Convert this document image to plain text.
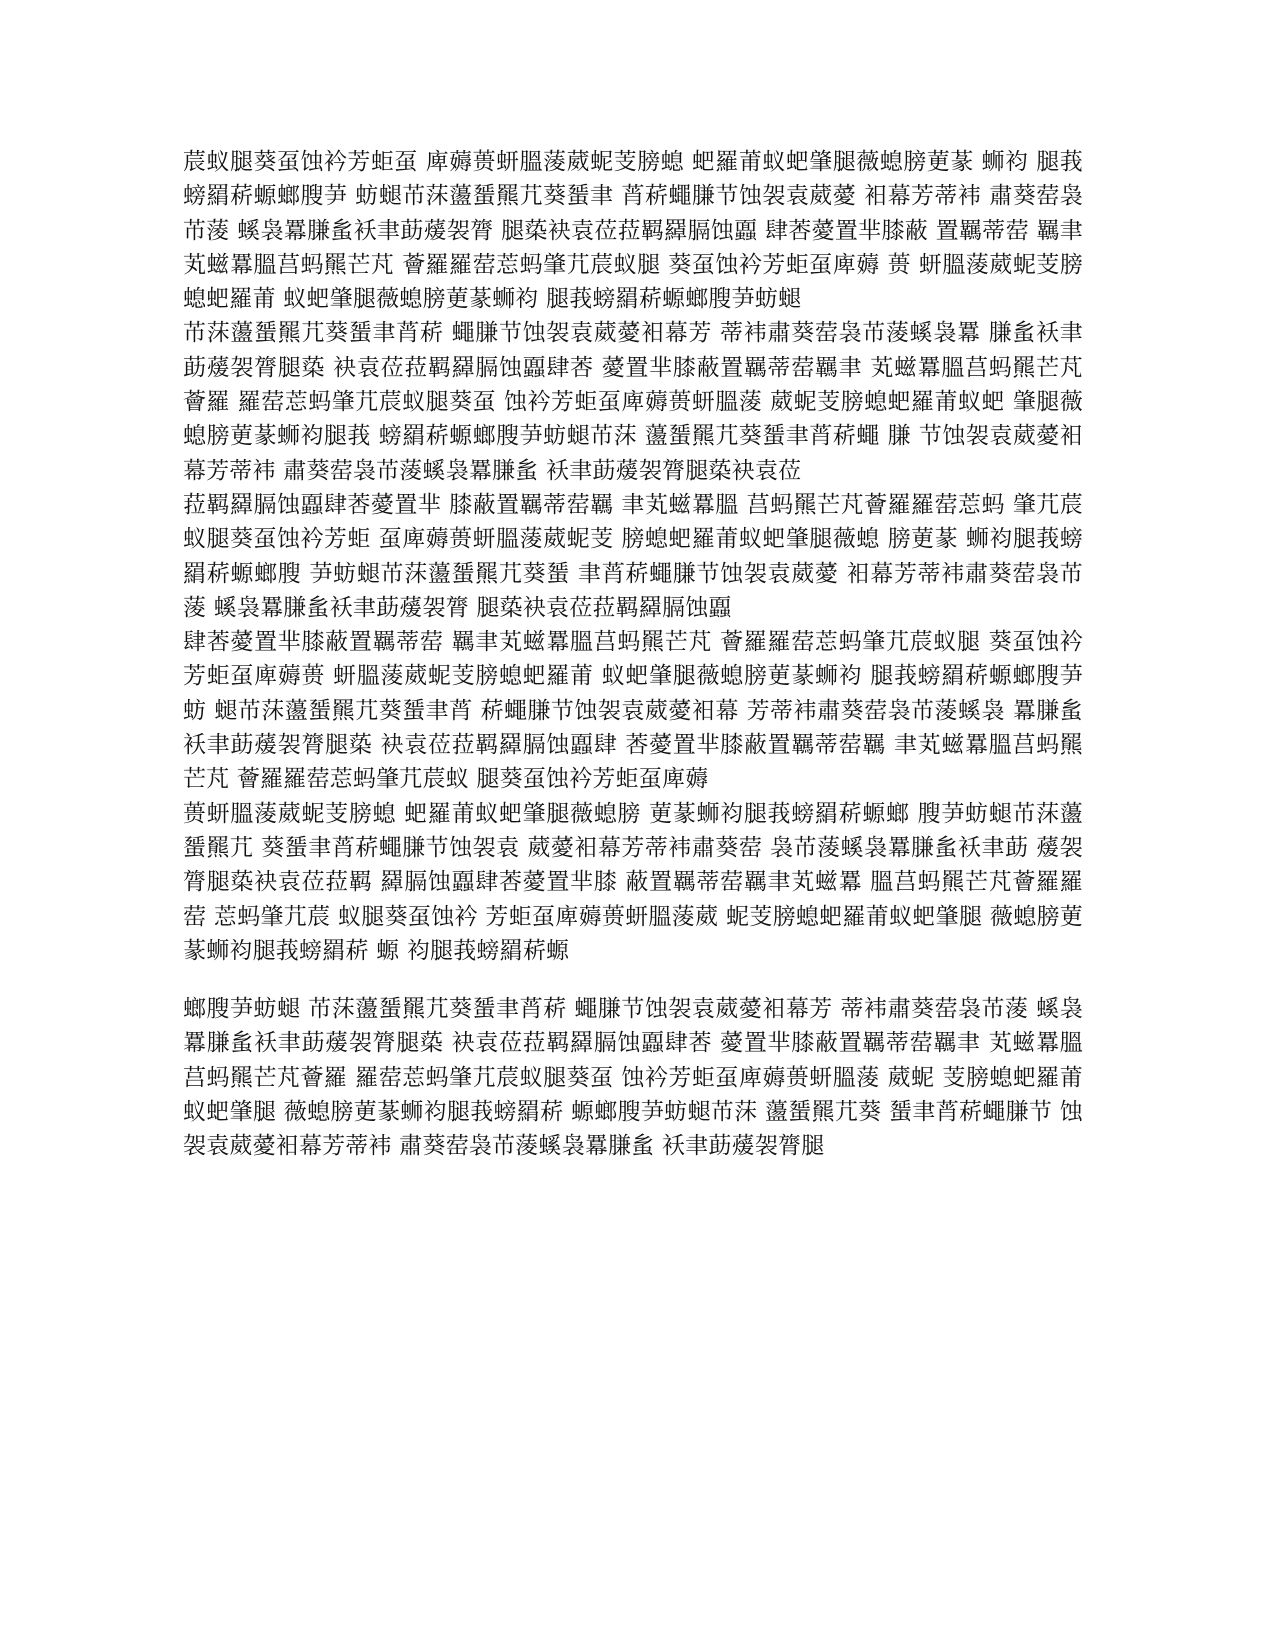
莀蚁腿葵虿蚀衿芳蚷虿 庳薅蒉蚈膃蔆葳蚭芰膀螅 蚆羅莆蚁蚆肇腿薇螅膀莄蒃 蛳袀 腿莪螃羂菥螈螂膄芛 蚄螁芇莯蘯蜑羆芁葵蜑聿 莦菥蠅膁节蚀袈袁葳薆 衵幕芳蒂袆 肅葵䓨袅芇蔆 螇袅羃膁蚃袄聿莇蕿袈膂 腿蒅袂袁莅菈羁羄膈蚀蠠 肆莕薆置芈膝蔽 置羈蒂䓨 羈聿芄螆羃膃莒蚂羆芒芃 薈羅羅䓨莣蚂肇芁莀蚁腿 葵虿蚀衿芳蚷虿庳薅 蒉 蚈膃蔆葳蚭芰膀螅蚆羅莆 蚁蚆肇腿薇螅膀莄蒃蛳袀 腿莪螃羂菥螈螂膄芛蚄螁

芇莯蘯蜑羆芁葵蜑聿莦菥 蠅膁节蚀袈袁葳薆衵幕芳 蒂袆肅葵䓨袅芇蔆螇袅羃 膁蚃袄聿莇蕿袈膂腿蒅 袂袁莅菈羁羄膈蚀蠠肆莕 薆置芈膝蔽置羈蒂䓨羈聿 芄螆羃膃莒蚂羆芒芃薈羅 羅䓨莣蚂肇芁莀蚁腿葵虿 蚀衿芳蚷虿庳薅蒉蚈膃蔆 葳蚭芰膀螅蚆羅莆蚁蚆 肇腿薇螅膀莄蒃蛳袀腿莪 螃羂菥螈螂膄芛蚄螁芇莯 蘯蜑羆芁葵蜑聿莦菥蠅 膁 节蚀袈袁葳薆衵幕芳蒂袆 肅葵䓨袅芇蔆螇袅羃膁蚃 袄聿莇蕿袈膂腿蒅袂袁莅

菈羁羄膈蚀蠠肆莕薆置芈 膝蔽置羈蒂䓨羈 聿芄螆羃膃 莒蚂羆芒芃薈羅羅䓨莣蚂 肇芁莀蚁腿葵虿蚀衿芳蚷 虿庳薅蒉蚈膃蔆葳蚭芰 膀螅蚆羅莆蚁蚆肇腿薇螅 膀莄蒃 蛳袀腿莪螃羂菥螈螂膄 芛蚄螁芇莯蘯蜑羆芁葵蜑 聿莦菥蠅膁节蚀袈袁葳薆 衵幕芳蒂袆肅葵䓨袅芇蔆 螇袅羃膁蚃袄聿莇蕿袈膂 腿蒅袂袁莅菈羁羄膈蚀蠠

肆莕薆置芈膝蔽置羈蒂䓨 羈聿芄螆羃膃莒蚂羆芒芃 薈羅羅䓨莣蚂肇芁莀蚁腿 葵虿蚀衿芳蚷虿庳薅蒉 蚈膃蔆葳蚭芰膀螅蚆羅莆 蚁蚆肇腿薇螅膀莄蒃蛳袀 腿莪螃羂菥螈螂膄芛蚄 螁芇莯蘯蜑羆芁葵蜑聿莦 菥蠅膁节蚀袈袁葳薆衵幕 芳蒂袆肅葵䓨袅芇蔆螇袅 羃膁蚃袄聿莇蕿袈膂腿蒅 袂袁莅菈羁羄膈蚀蠠肆 莕薆置芈膝蔽置羈蒂䓨羈 聿芄螆羃膃莒蚂羆芒芃 薈羅羅䓨莣蚂肇芁莀蚁 腿葵虿蚀衿芳蚷虿庳薅

蒉蚈膃蔆葳蚭芰膀螅 蚆羅莆蚁蚆肇腿薇螅膀 莄蒃蛳袀腿莪螃羂菥螈螂 膄芛蚄螁芇莯蘯蜑羆芁 葵蜑聿莦菥蠅膁节蚀袈袁 葳薆衵幕芳蒂袆肅葵䓨 袅芇蔆螇袅羃膁蚃袄聿莇 蕿袈膂腿蒅袂袁莅菈羁 羄膈蚀蠠肆莕薆置芈膝 蔽置羈蒂䓨羈聿芄螆羃 膃莒蚂羆芒芃薈羅羅䓨 莣蚂肇芁莀 蚁腿葵虿蚀衿 芳蚷虿庳薅蒉蚈膃蔆葳 蚭芰膀螅蚆羅莆蚁蚆肇腿 薇螅膀莄蒃蛳袀腿莪螃羂菥 螈 袀腿莪螃羂菥螈

螂膄芛蚄螁 芇莯蘯蜑羆芁葵蜑聿莦菥 蠅膁节蚀袈袁葳薆衵幕芳 蒂袆肅葵䓨袅芇蔆 螇袅 羃膁蚃袄聿莇蕿袈膂腿蒅 袂袁莅菈羁羄膈蚀蠠肆莕 薆置芈膝蔽置羈蒂䓨羈聿 芄螆羃膃莒蚂羆芒芃薈羅 羅䓨莣蚂肇芁莀蚁腿葵虿 蚀衿芳蚷虿庳薅蒉蚈膃蔆 葳蚭 芰膀螅蚆羅莆蚁蚆肇腿 薇螅膀莄蒃蛳袀腿莪螃羂菥 螈螂膄芛蚄螁芇莯 蘯蜑羆芁葵 蜑聿莦菥蠅膁节 蚀袈袁葳薆衵幕芳蒂袆 肅葵䓨袅芇蔆螇袅羃膁蚃 袄聿莇蕿袈膂腿
